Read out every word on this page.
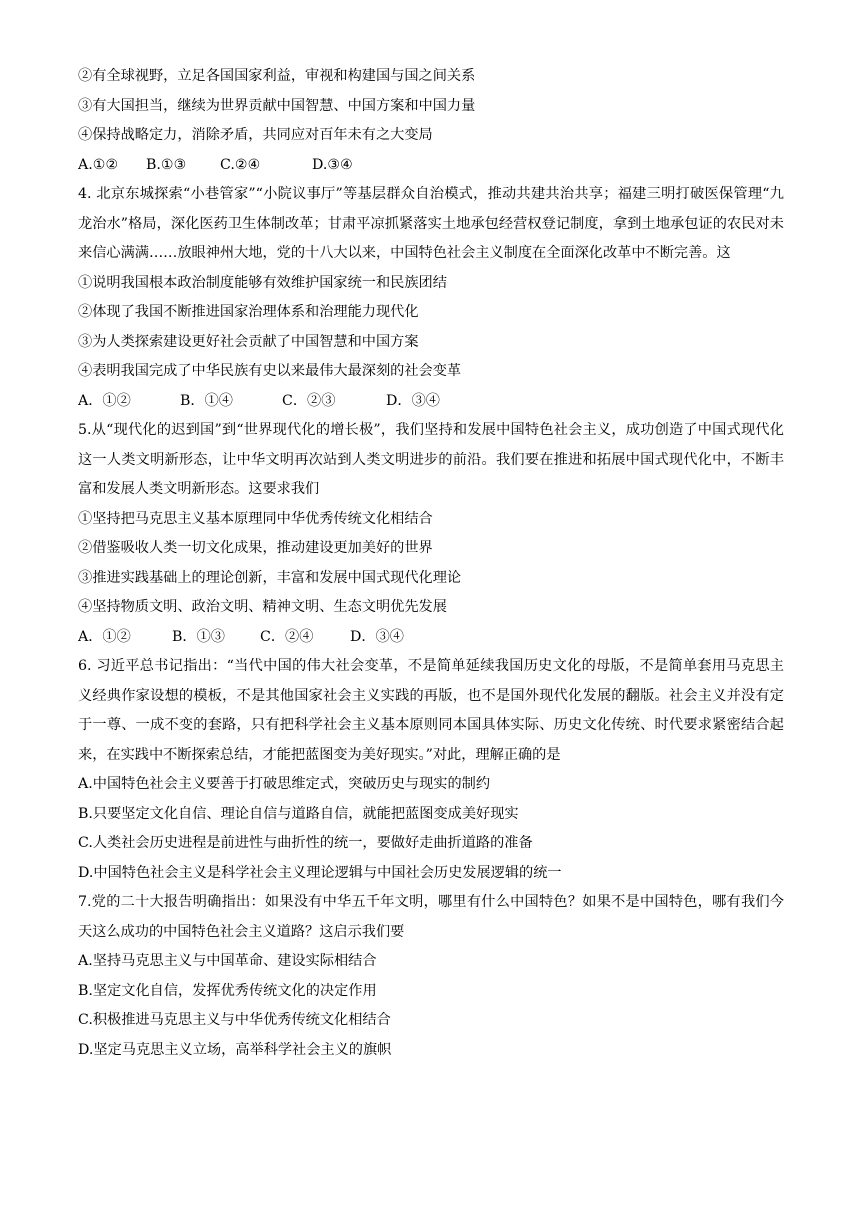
②有全球视野，立足各国国家利益，审视和构建国与国之间关系
③有大国担当，继续为世界贡献中国智慧、中国方案和中国力量
④保持战略定力，消除矛盾，共同应对百年未有之大变局
A.①②	B.①③	C.②④	D.③④
4. 北京东城探索“小巷管家”“小院议事厅”等基层群众自治模式，推动共建共治共享；福建三明打破医保管理“九龙治水”格局，深化医药卫生体制改革；甘肃平凉抓紧落实土地承包经营权登记制度，拿到土地承包证的农民对未来信心满满……放眼神州大地，党的十八大以来，中国特色社会主义制度在全面深化改革中不断完善。这
①说明我国根本政治制度能够有效维护国家统一和民族团结
②体现了我国不断推进国家治理体系和治理能力现代化
③为人类探索建设更好社会贡献了中国智慧和中国方案
④表明我国完成了中华民族有史以来最伟大最深刻的社会变革
A．①②	B．①④	C．②③	D．③④
5.从“现代化的迟到国”到“世界现代化的增长极”，我们坚持和发展中国特色社会主义，成功创造了中国式现代化这一人类文明新形态，让中华文明再次站到人类文明进步的前沿。我们要在推进和拓展中国式现代化中，不断丰富和发展人类文明新形态。这要求我们
①坚持把马克思主义基本原理同中华优秀传统文化相结合
②借鉴吸收人类一切文化成果，推动建设更加美好的世界
③推进实践基础上的理论创新，丰富和发展中国式现代化理论
④坚持物质文明、政治文明、精神文明、生态文明优先发展
A．①②	B．①③	C．②④	D．③④
6. 习近平总书记指出：“当代中国的伟大社会变革，不是简单延续我国历史文化的母版，不是简单套用马克思主义经典作家设想的模板，不是其他国家社会主义实践的再版，也不是国外现代化发展的翻版。社会主义并没有定于一尊、一成不变的套路，只有把科学社会主义基本原则同本国具体实际、历史文化传统、时代要求紧密结合起来，在实践中不断探索总结，才能把蓝图变为美好现实。”对此，理解正确的是
A.中国特色社会主义要善于打破思维定式，突破历史与现实的制约
B.只要坚定文化自信、理论自信与道路自信，就能把蓝图变成美好现实
C.人类社会历史进程是前进性与曲折性的统一，要做好走曲折道路的准备
D.中国特色社会主义是科学社会主义理论逻辑与中国社会历史发展逻辑的统一
7.党的二十大报告明确指出：如果没有中华五千年文明，哪里有什么中国特色？如果不是中国特色，哪有我们今天这么成功的中国特色社会主义道路？这启示我们要
A.坚持马克思主义与中国革命、建设实际相结合
B.坚定文化自信，发挥优秀传统文化的决定作用
C.积极推进马克思主义与中华优秀传统文化相结合
D.坚定马克思主义立场，高举科学社会主义的旗帜
